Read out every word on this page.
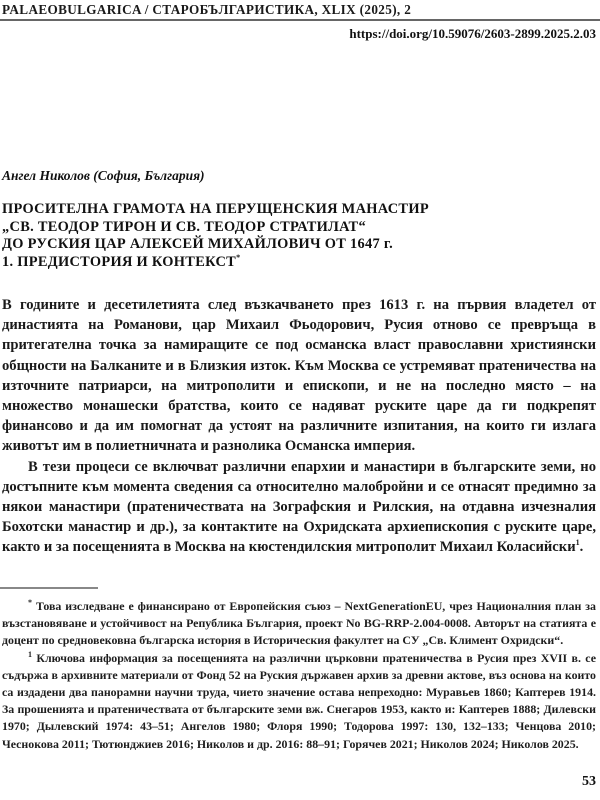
PALAEOBULGARICA / СТАРОБЪЛГАРИСТИКА, XLIX (2025), 2
https://doi.org/10.59076/2603-2899.2025.2.03
Ангел Николов (София, България)
ПРОСИТЕЛНА ГРАМОТА НА ПЕРУЩЕНСКИЯ МАНАСТИР
„СВ. ТЕОДОР ТИРОН И СВ. ТЕОДОР СТРАТИЛАТ“
ДО РУСКИЯ ЦАР АЛЕКСЕЙ МИХАЙЛОВИЧ ОТ 1647 г.
1. ПРЕДИСТОРИЯ И КОНТЕКСТ*

В годините и десетилетията след възкачването през 1613 г. на първия владетел от династията на Романови, цар Михаил Фьодорович, Русия отново се превръща в притегателна точка за намиращите се под османска власт православни християнски общности на Балканите и в Близкия изток. Към Москва се устремяват пратеничества на източните патриарси, на митрополити и епископи, и не на последно място – на множество монашески братства, които се надяват руските царе да ги подкрепят финансово и да им помогнат да устоят на различните изпитания, на които ги излага животът им в полиетничната и разнолика Османска империя.

В тези процеси се включват различни епархии и манастири в българските земи, но достъпните към момента сведения са относително малобройни и се отнасят предимно за някои манастири (пратеничествата на Зографския и Рилския, на отдавна изчезналия Бохотски манастир и др.), за контактите на Охридската архиепископия с руските царе, както и за посещенията в Москва на кюстендилския митрополит Михаил Коласийски$^1$.

* Това изследване е финансирано от Европейския съюз – NextGenerationEU, чрез Националния план за възстановяване и устойчивост на Република България, проект No BG-RRP-2.004-0008. Авторът на статията е доцент по средновековна българска история в Историческия факултет на СУ „Св. Климент Охридски“.

$^1$ Ключова информация за посещенията на различни църковни пратеничества в Русия през XVII в. се съдържа в архивните материали от Фонд 52 на Руския държавен архив за древни актове, въз основа на които са издадени два панорамни научни труда, чието значение остава непреходно: Муравьев 1860; Каптерев 1914. За прошенията и пратеничествата от българските земи вж. Снегаров 1953, както и: Каптерев 1888; Дилевски 1970; Дылевский 1974: 43–51; Ангелов 1980; Флоря 1990; Тодорова 1997: 130, 132–133; Ченцова 2010; Чеснокова 2011; Тютюнджиев 2016; Николов и др. 2016: 88–91; Горячев 2021; Николов 2024; Николов 2025.

53
